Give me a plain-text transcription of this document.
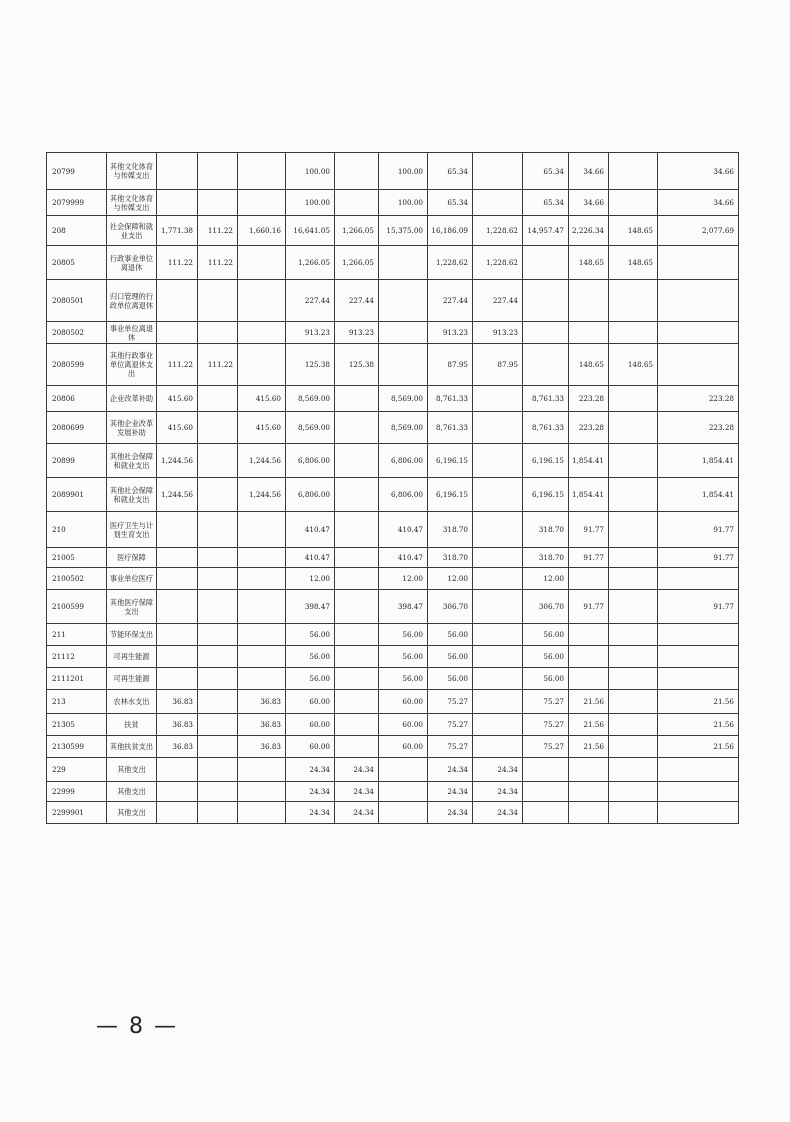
20799	其他文化体育与传媒支出				100.00		100.00	65.34		65.34	34.66		34.66	
2079999	其他文化体育与传媒支出				100.00		100.00	65.34		65.34	34.66		34.66	
208	社会保障和就业支出	1,771.38	111.22	1,660.16	16,641.05	1,266.05	15,375.00	16,186.09	1,228.62	14,957.47	2,226.34	148.65	2,077.69	
20805	行政事业单位离退休	111.22	111.22		1,266.05	1,266.05		1,228.62	1,228.62		148.65	148.65		
2080501	归口管理的行政单位离退休				227.44	227.44		227.44	227.44					
2080502	事业单位离退休				913.23	913.23		913.23	913.23					
2080599	其他行政事业单位离退休支出	111.22	111.22		125.38	125.38		87.95	87.95		148.65	148.65		
20806	企业改革补助	415.60		415.60	8,569.00		8,569.00	8,761.33		8,761.33	223.28		223.28	
2080699	其他企业改革发展补助	415.60		415.60	8,569.00		8,569.00	8,761.33		8,761.33	223.28		223.28	
20899	其他社会保障和就业支出	1,244.56		1,244.56	6,806.00		6,806.00	6,196.15		6,196.15	1,854.41		1,854.41	
2089901	其他社会保障和就业支出	1,244.56		1,244.56	6,806.00		6,806.00	6,196.15		6,196.15	1,854.41		1,854.41	
210	医疗卫生与计划生育支出				410.47		410.47	318.70		318.70	91.77		91.77	
21005	医疗保障				410.47		410.47	318.70		318.70	91.77		91.77	
2100502	事业单位医疗				12.00		12.00	12.00		12.00				
2100599	其他医疗保障支出				398.47		398.47	306.70		306.70	91.77		91.77	
211	节能环保支出				56.00		56.00	56.00		56.00				
21112	可再生能源				56.00		56.00	56.00		56.00				
2111201	可再生能源				56.00		56.00	56.00		56.00				
213	农林水支出	36.83		36.83	60.00		60.00	75.27		75.27	21.56		21.56	
21305	扶贫	36.83		36.83	60.00		60.00	75.27		75.27	21.56		21.56	
2130599	其他扶贫支出	36.83		36.83	60.00		60.00	75.27		75.27	21.56		21.56	
229	其他支出				24.34	24.34		24.34	24.34					
22999	其他支出				24.34	24.34		24.34	24.34					
2299901	其他支出				24.34	24.34		24.34	24.34					
— 8 —
